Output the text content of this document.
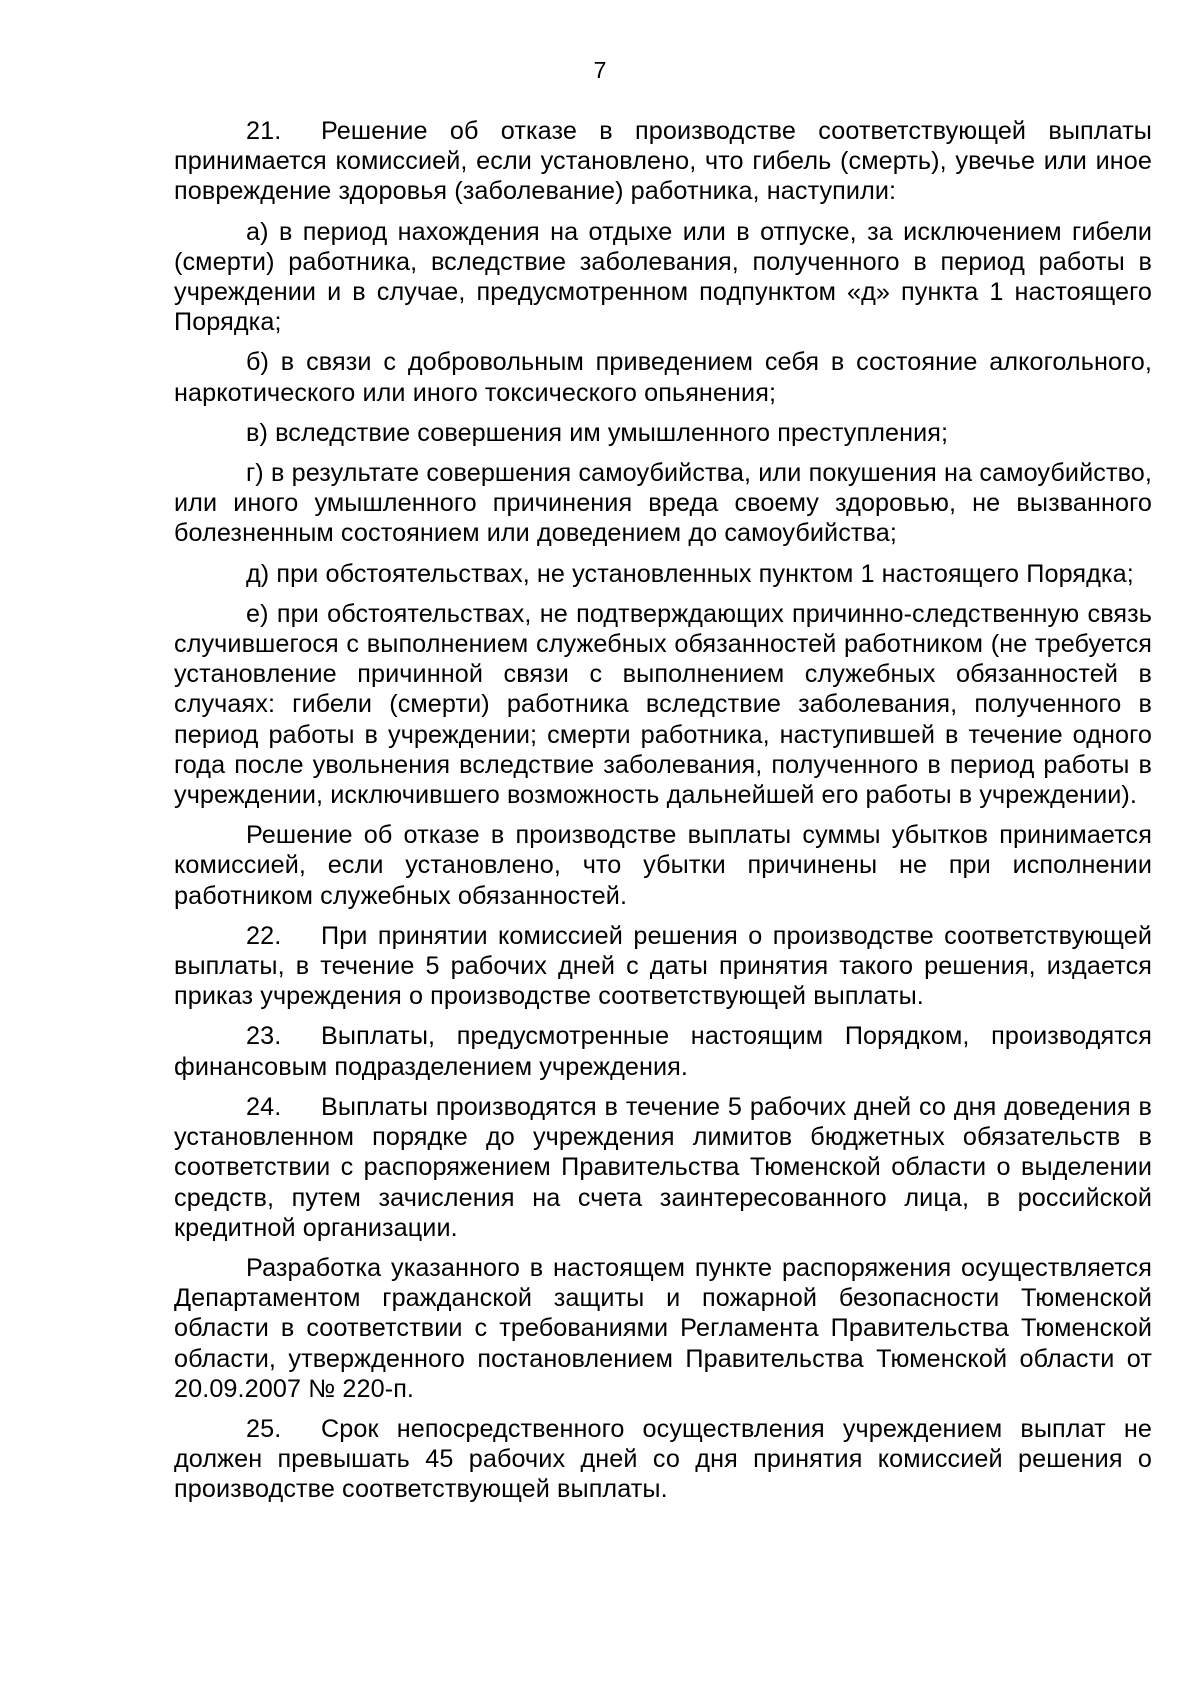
7

21. Решение об отказе в производстве соответствующей выплаты принимается комиссией, если установлено, что гибель (смерть), увечье или иное повреждение здоровья (заболевание) работника, наступили:

а) в период нахождения на отдыхе или в отпуске, за исключением гибели (смерти) работника, вследствие заболевания, полученного в период работы в учреждении и в случае, предусмотренном подпунктом «д» пункта 1 настоящего Порядка;

б) в связи с добровольным приведением себя в состояние алкогольного, наркотического или иного токсического опьянения;

в) вследствие совершения им умышленного преступления;

г) в результате совершения самоубийства, или покушения на самоубийство, или иного умышленного причинения вреда своему здоровью, не вызванного болезненным состоянием или доведением до самоубийства;

д) при обстоятельствах, не установленных пунктом 1 настоящего Порядка;

е) при обстоятельствах, не подтверждающих причинно-следственную связь случившегося с выполнением служебных обязанностей работником (не требуется установление причинной связи с выполнением служебных обязанностей в случаях: гибели (смерти) работника вследствие заболевания, полученного в период работы в учреждении; смерти работника, наступившей в течение одного года после увольнения вследствие заболевания, полученного в период работы в учреждении, исключившего возможность дальнейшей его работы в учреждении).

Решение об отказе в производстве выплаты суммы убытков принимается комиссией, если установлено, что убытки причинены не при исполнении работником служебных обязанностей.

22. При принятии комиссией решения о производстве соответствующей выплаты, в течение 5 рабочих дней с даты принятия такого решения, издается приказ учреждения о производстве соответствующей выплаты.

23. Выплаты, предусмотренные настоящим Порядком, производятся финансовым подразделением учреждения.

24. Выплаты производятся в течение 5 рабочих дней со дня доведения в установленном порядке до учреждения лимитов бюджетных обязательств в соответствии с распоряжением Правительства Тюменской области о выделении средств, путем зачисления на счета заинтересованного лица, в российской кредитной организации.

Разработка указанного в настоящем пункте распоряжения осуществляется Департаментом гражданской защиты и пожарной безопасности Тюменской области в соответствии с требованиями Регламента Правительства Тюменской области, утвержденного постановлением Правительства Тюменской области от 20.09.2007 № 220-п.

25. Срок непосредственного осуществления учреждением выплат не должен превышать 45 рабочих дней со дня принятия комиссией решения о производстве соответствующей выплаты.
